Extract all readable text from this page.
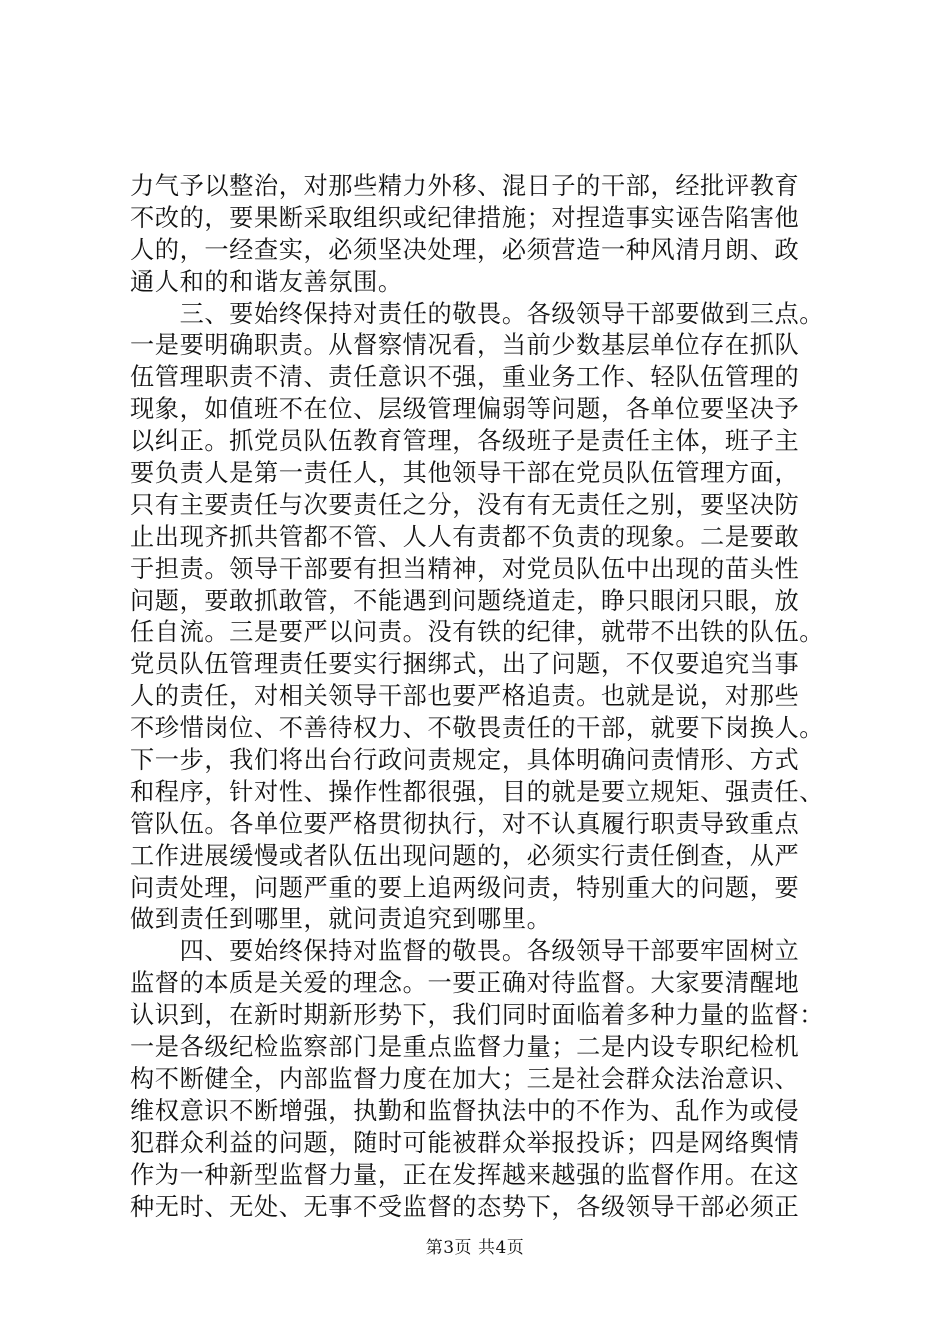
力气予以整治，对那些精力外移、混日子的干部，经批评教育
不改的，要果断采取组织或纪律措施；对捏造事实诬告陷害他
人的，一经查实，必须坚决处理，必须营造一种风清月朗、政
通人和的和谐友善氛围。
　　三、要始终保持对责任的敬畏。各级领导干部要做到三点。
一是要明确职责。从督察情况看，当前少数基层单位存在抓队
伍管理职责不清、责任意识不强，重业务工作、轻队伍管理的
现象，如值班不在位、层级管理偏弱等问题，各单位要坚决予
以纠正。抓党员队伍教育管理，各级班子是责任主体，班子主
要负责人是第一责任人，其他领导干部在党员队伍管理方面，
只有主要责任与次要责任之分，没有有无责任之别，要坚决防
止出现齐抓共管都不管、人人有责都不负责的现象。二是要敢
于担责。领导干部要有担当精神，对党员队伍中出现的苗头性
问题，要敢抓敢管，不能遇到问题绕道走，睁只眼闭只眼，放
任自流。三是要严以问责。没有铁的纪律，就带不出铁的队伍。
党员队伍管理责任要实行捆绑式，出了问题，不仅要追究当事
人的责任，对相关领导干部也要严格追责。也就是说，对那些
不珍惜岗位、不善待权力、不敬畏责任的干部，就要下岗换人。
下一步，我们将出台行政问责规定，具体明确问责情形、方式
和程序，针对性、操作性都很强，目的就是要立规矩、强责任、
管队伍。各单位要严格贯彻执行，对不认真履行职责导致重点
工作进展缓慢或者队伍出现问题的，必须实行责任倒查，从严
问责处理，问题严重的要上追两级问责，特别重大的问题，要
做到责任到哪里，就问责追究到哪里。
　　四、要始终保持对监督的敬畏。各级领导干部要牢固树立
监督的本质是关爱的理念。一要正确对待监督。大家要清醒地
认识到，在新时期新形势下，我们同时面临着多种力量的监督：
一是各级纪检监察部门是重点监督力量；二是内设专职纪检机
构不断健全，内部监督力度在加大；三是社会群众法治意识、
维权意识不断增强，执勤和监督执法中的不作为、乱作为或侵
犯群众利益的问题，随时可能被群众举报投诉；四是网络舆情
作为一种新型监督力量，正在发挥越来越强的监督作用。在这
种无时、无处、无事不受监督的态势下，各级领导干部必须正
第3页 共4页
